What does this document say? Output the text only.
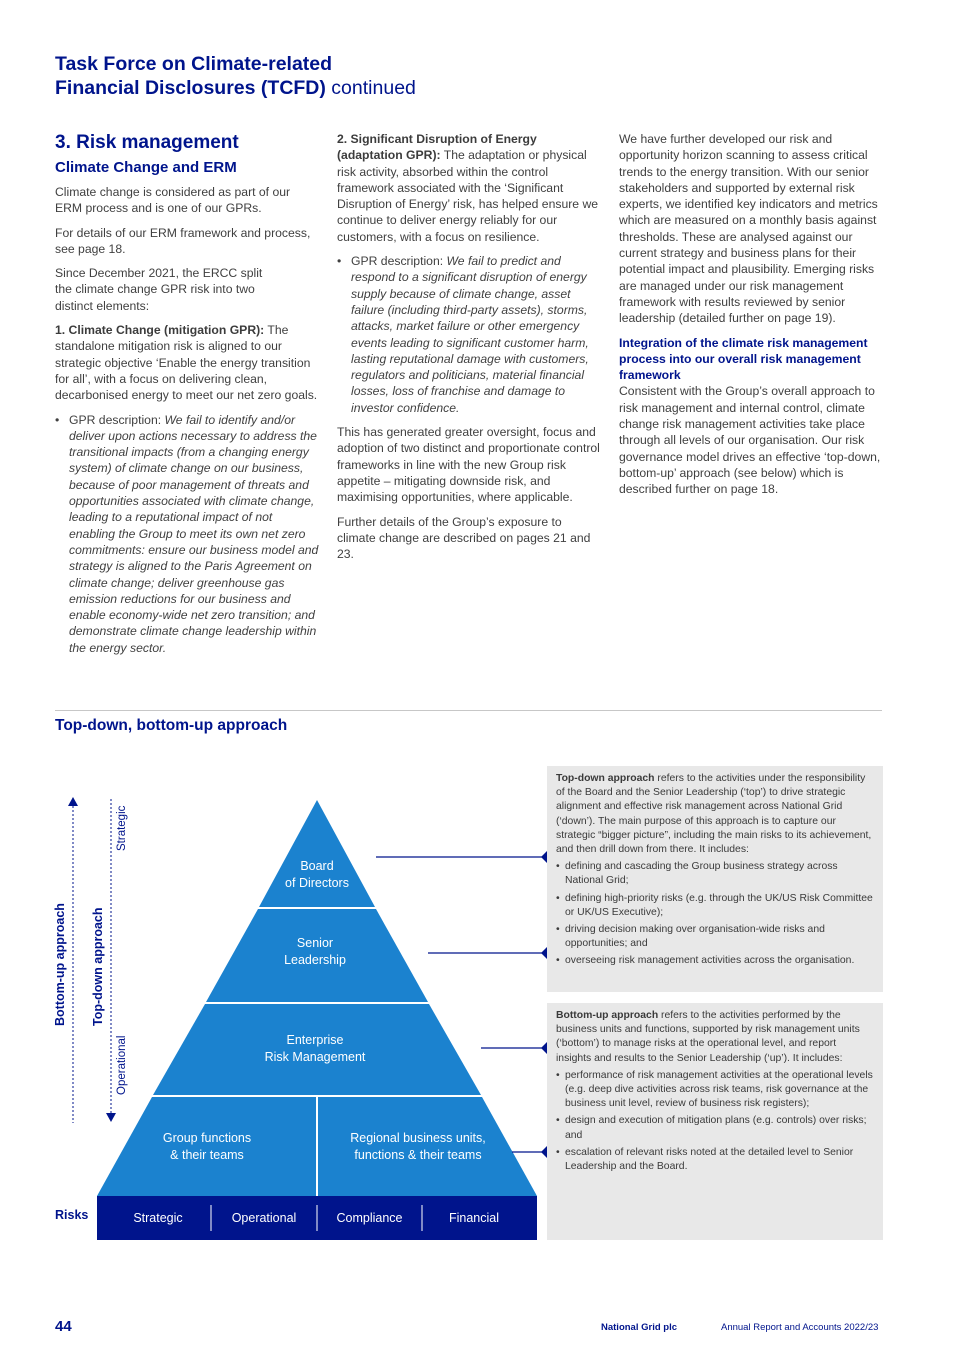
Task Force on Climate-related
Financial Disclosures (TCFD) continued
3. Risk management
Climate Change and ERM

Climate change is considered as part of our ERM process and is one of our GPRs.

For details of our ERM framework and process, see page 18.

Since December 2021, the ERCC split the climate change GPR risk into two distinct elements:

1. Climate Change (mitigation GPR): The standalone mitigation risk is aligned to our strategic objective ‘Enable the energy transition for all’, with a focus on delivering clean, decarbonised energy to meet our net zero goals.

• GPR description: We fail to identify and/or deliver upon actions necessary to address the transitional impacts (from a changing energy system) of climate change on our business, because of poor management of threats and opportunities associated with climate change, leading to a reputational impact of not enabling the Group to meet its own net zero commitments: ensure our business model and strategy is aligned to the Paris Agreement on climate change; deliver greenhouse gas emission reductions for our business and enable economy-wide net zero transition; and demonstrate climate change leadership within the energy sector.

2. Significant Disruption of Energy (adaptation GPR): The adaptation or physical risk activity, absorbed within the control framework associated with the ‘Significant Disruption of Energy’ risk, has helped ensure we continue to deliver energy reliably for our customers, with a focus on resilience.

• GPR description: We fail to predict and respond to a significant disruption of energy supply because of climate change, asset failure (including third-party assets), storms, attacks, market failure or other emergency events leading to significant customer harm, lasting reputational damage with customers, regulators and politicians, material financial losses, loss of franchise and damage to investor confidence.

This has generated greater oversight, focus and adoption of two distinct and proportionate control frameworks in line with the new Group risk appetite – mitigating downside risk, and maximising opportunities, where applicable.

Further details of the Group’s exposure to climate change are described on pages 21 and 23.

We have further developed our risk and opportunity horizon scanning to assess critical trends to the energy transition. With our senior stakeholders and supported by external risk experts, we identified key indicators and metrics which are measured on a monthly basis against thresholds. These are analysed against our current strategy and business plans for their potential impact and plausibility. Emerging risks are managed under our risk management framework with results reviewed by senior leadership (detailed further on page 19).

Integration of the climate risk management process into our overall risk management framework

Consistent with the Group’s overall approach to risk management and internal control, climate change risk management activities take place through all levels of our organisation. Our risk governance model drives an effective ‘top-down, bottom-up’ approach (see below) which is described further on page 18.

Top-down, bottom-up approach
Board
of Directors
Senior
Leadership
Enterprise
Risk Management
Group functions
& their teams
Regional business units,
functions & their teams
Risks	Strategic	Operational	Compliance	Financial
Bottom-up approach Top-down approach
Strategic
Operational
Top-down approach refers to the activities under the responsibility of the Board and the Senior Leadership (‘top’) to drive strategic alignment and effective risk management across National Grid (‘down’). The main purpose of this approach is to capture our strategic “bigger picture”, including the main risks to its achievement, and then drill down from there. It includes:
• defining and cascading the Group business strategy across National Grid;
• defining high-priority risks (e.g. through the UK/US Risk Committee or UK/US Executive);
• driving decision making over organisation-wide risks and opportunities; and
• overseeing risk management activities across the organisation.
Bottom-up approach refers to the activities performed by the business units and functions, supported by risk management units (‘bottom’) to manage risks at the operational level, and report insights and results to the Senior Leadership (‘up’). It includes:
• performance of risk management activities at the operational levels (e.g. deep dive activities across risk teams, risk governance at the business unit level, review of business risk registers);
• design and execution of mitigation plans (e.g. controls) over risks; and
• escalation of relevant risks noted at the detailed level to Senior Leadership and the Board.
44	National Grid plc	Annual Report and Accounts 2022/23
